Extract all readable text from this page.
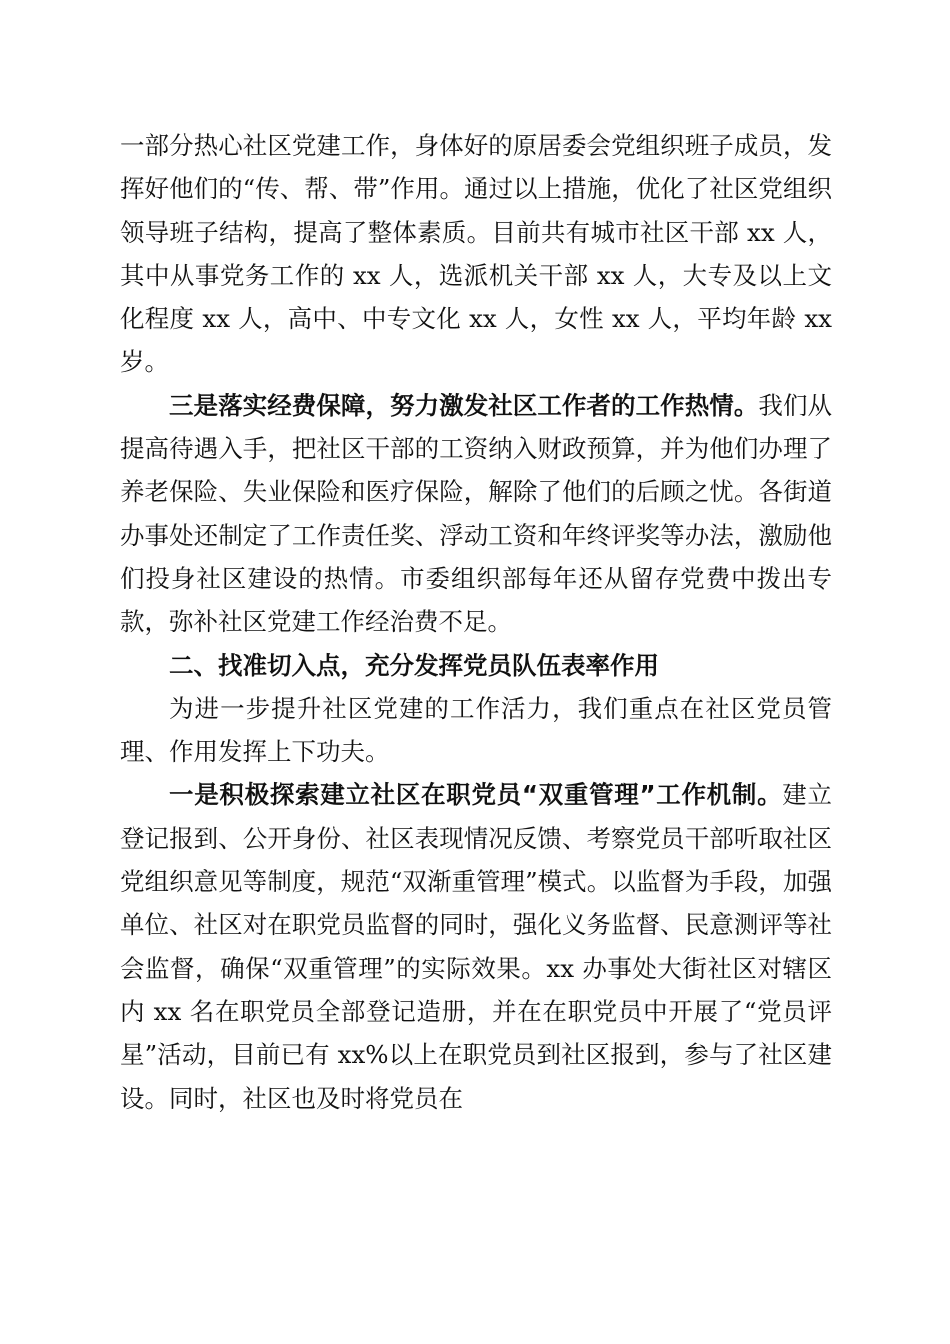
一部分热心社区党建工作，身体好的原居委会党组织班子成员，发挥好他们的“传、帮、带”作用。通过以上措施，优化了社区党组织领导班子结构，提高了整体素质。目前共有城市社区干部 xx 人，其中从事党务工作的 xx 人，选派机关干部 xx 人，大专及以上文化程度 xx 人，高中、中专文化 xx 人，女性 xx 人，平均年龄 xx 岁。

三是落实经费保障，努力激发社区工作者的工作热情。我们从提高待遇入手，把社区干部的工资纳入财政预算，并为他们办理了养老保险、失业保险和医疗保险，解除了他们的后顾之忧。各街道办事处还制定了工作责任奖、浮动工资和年终评奖等办法，激励他们投身社区建设的热情。市委组织部每年还从留存党费中拨出专款，弥补社区党建工作经治费不足。

二、找准切入点，充分发挥党员队伍表率作用

为进一步提升社区党建的工作活力，我们重点在社区党员管理、作用发挥上下功夫。

一是积极探索建立社区在职党员“双重管理”工作机制。建立登记报到、公开身份、社区表现情况反馈、考察党员干部听取社区党组织意见等制度，规范“双渐重管理”模式。以监督为手段，加强单位、社区对在职党员监督的同时，强化义务监督、民意测评等社会监督，确保“双重管理”的实际效果。xx 办事处大街社区对辖区内 xx 名在职党员全部登记造册，并在在职党员中开展了“党员评星”活动，目前已有 xx%以上在职党员到社区报到，参与了社区建设。同时，社区也及时将党员在
